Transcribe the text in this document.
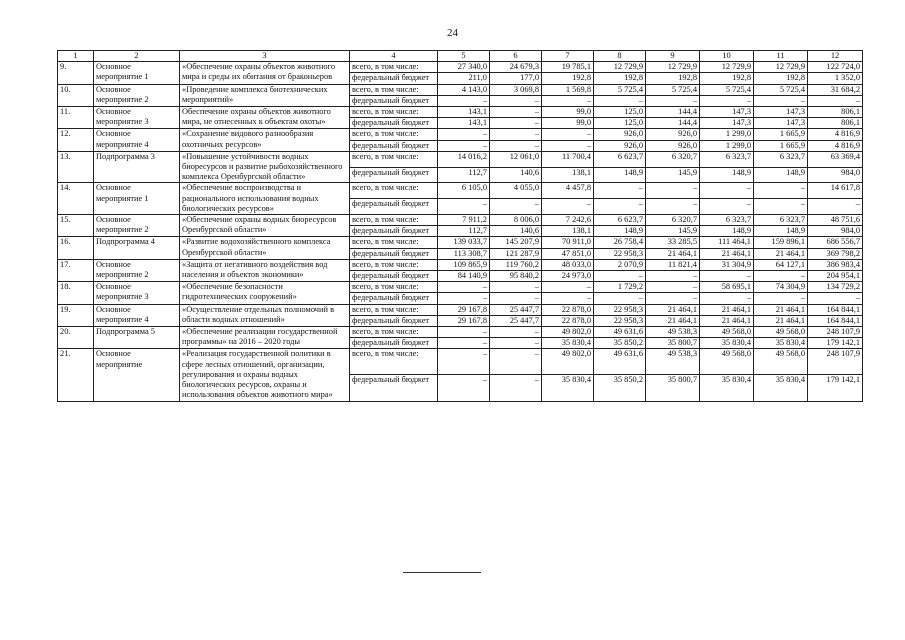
24
1	2	3	4	5	6	7	8	9	10	11	12
9.	Основное мероприятие 1	«Обеспечение охраны объектов животного мира и среды их обитания от браконьеров	всего, в том числе:	27 340,0	24 679,3	19 785,1	12 729,9	12 729,9	12 729,9	12 729,9	122 724,0
			федеральный бюджет	211,0	177,0	192,8	192,8	192,8	192,8	192,8	1 352,0
10.	Основное мероприятие 2	«Проведение комплекса биотехнических мероприятий»	всего, в том числе:	4 143,0	3 069,8	1 569,8	5 725,4	5 725,4	5 725,4	5 725,4	31 684,2
			федеральный бюджет	–	–	–	–	–	–	–	–
11.	Основное мероприятие 3	Обеспечение охраны объектов животного мира, не отнесенных к объектам охоты»	всего, в том числе:	143,1	–	99,0	125,0	144,4	147,3	147,3	806,1
			федеральный бюджет	143,1	–	99,0	125,0	144,4	147,3	147,3	806,1
12.	Основное мероприятие 4	«Сохранение видового разнообразия охотничьих ресурсов»	всего, в том числе:	–	–	–	926,0	926,0	1 299,0	1 665,9	4 816,9
			федеральный бюджет	–	–	–	926,0	926,0	1 299,0	1 665,9	4 816,9
13.	Подпрограмма 3	«Повышение устойчивости водных биоресурсов и развитие рыбохозяйственного комплекса Оренбургской области»	всего, в том числе:	14 016,2	12 061,0	11 700,4	6 623,7	6 320,7	6 323,7	6 323,7	63 369,4
			федеральный бюджет	112,7	140,6	138,1	148,9	145,9	148,9	148,9	984,0
14.	Основное мероприятие 1	«Обеспечение воспроизводства и рационального использования водных биологических ресурсов»	всего, в том числе:	6 105,0	4 055,0	4 457,8	–	–	–	–	14 617,8
			федеральный бюджет	–	–	–	–	–	–	–	–
15.	Основное мероприятие 2	«Обеспечение охраны водных биоресурсов Оренбургской области»	всего, в том числе:	7 911,2	8 006,0	7 242,6	6 623,7	6 320,7	6 323,7	6 323,7	48 751,6
			федеральный бюджет	112,7	140,6	138,1	148,9	145,9	148,9	148,9	984,0
16.	Подпрограмма 4	«Развитие водохозяйственного комплекса Оренбургской области»	всего, в том числе:	139 033,7	145 207,9	70 911,0	26 758,4	33 285,5	111 464,1	159 896,1	686 556,7
			федеральный бюджет	113 308,7	121 287,9	47 851,0	22 958,3	21 464,1	21 464,1	21 464,1	369 798,2
17.	Основное мероприятие 2	«Защита от негативного воздействия вод населения и объектов экономики»	всего, в том числе:	109 865,9	119 760,2	48 033,0	2 070,9	11 821,4	31 304,9	64 127,1	386 983,4
			федеральный бюджет	84 140,9	95 840,2	24 973,0	–	–	–	–	204 954,1
18.	Основное мероприятие 3	«Обеспечение безопасности гидротехнических сооружений»	всего, в том числе:	–	–	–	1 729,2	–	58 695,1	74 304,9	134 729,2
			федеральный бюджет	–	–	–	–	–	–	–	–
19.	Основное мероприятие 4	«Осуществление отдельных полномочий в области водных отношений»	всего, в том числе:	29 167,8	25 447,7	22 878,0	22 958,3	21 464,1	21 464,1	21 464,1	164 844,1
			федеральный бюджет	29 167,8	25 447,7	22 878,0	22 958,3	21 464,1	21 464,1	21 464,1	164 844,1
20.	Подпрограмма 5	«Обеспечение реализации государственной программы» на 2016 – 2020 годы	всего, в том числе:	–	–	49 802,0	49 631,6	49 538,3	49 568,0	49 568,0	248 107,9
			федеральный бюджет	–	–	35 830,4	35 850,2	35 800,7	35 830,4	35 830,4	179 142,1
21.	Основное мероприятие	«Реализация государственной политики в сфере лесных отношений, организации, регулирования и охраны водных биологических ресурсов, охраны и использования объектов животного мира»	всего, в том числе:	–	–	49 802,0	49 631,6	49 538,3	49 568,0	49 568,0	248 107,9
			федеральный бюджет	–	–	35 830,4	35 850,2	35 800,7	35 830,4	35 830,4	179 142,1
